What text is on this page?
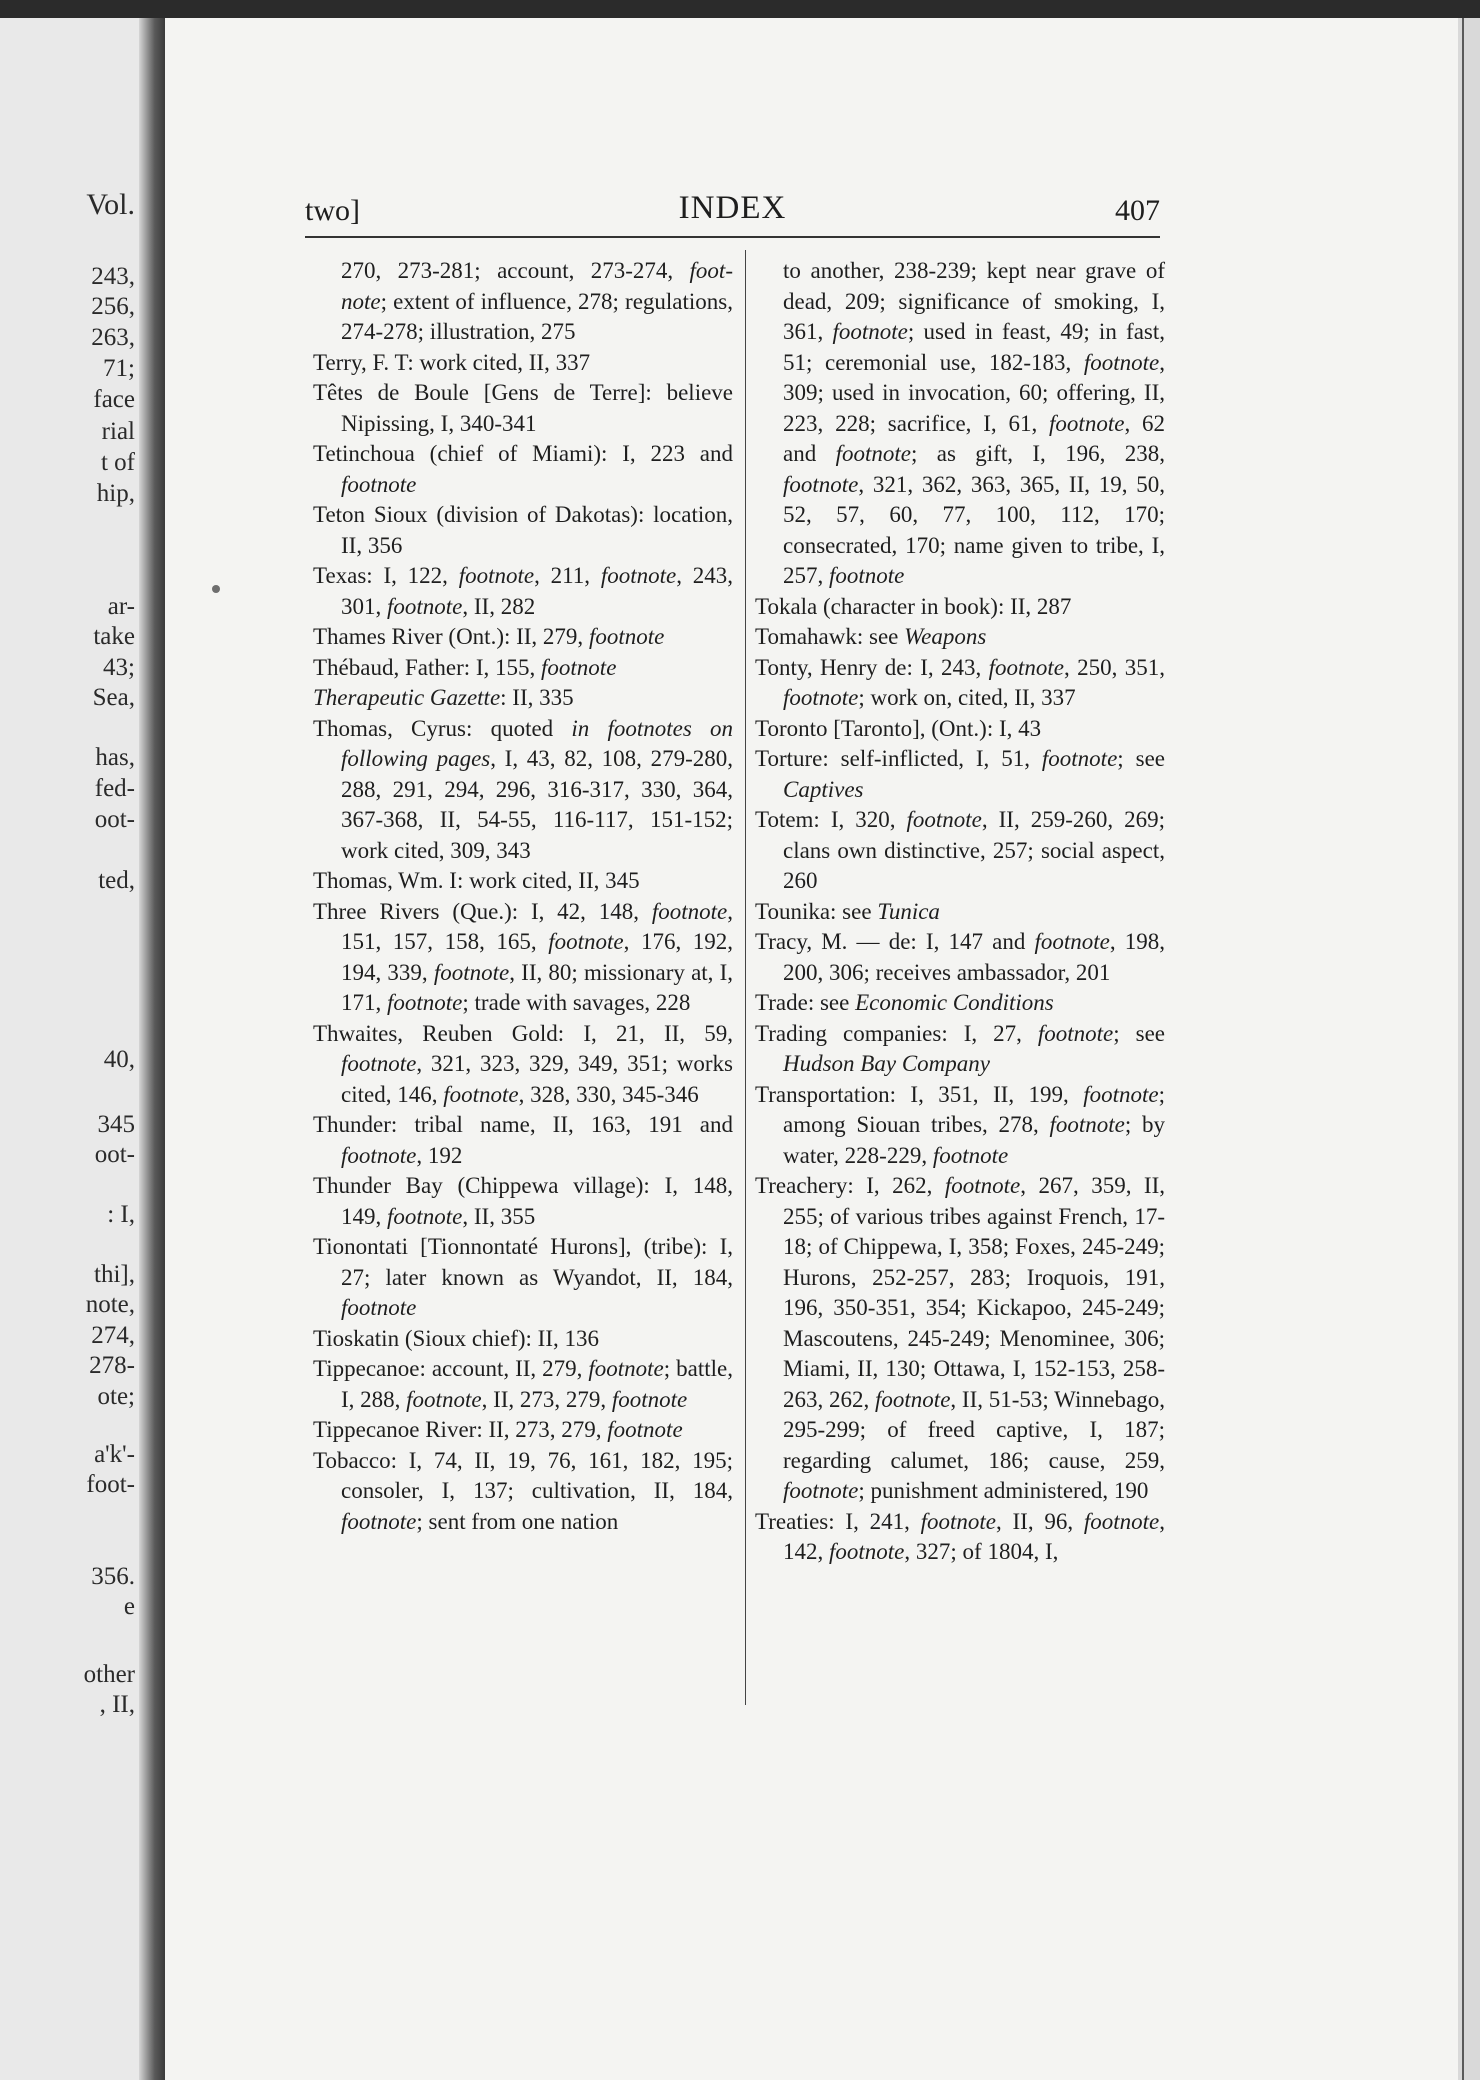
Vol.
243,
256,
263,
71;
face
rial
t of
hip,
ar-
take
43;
Sea,
has,
fed-
oot-
ted,
40,
345
oot-
: I,
thi],
note,
274,
278-
ote;
a'k'-
foot-
356.
e
other
, II,
two]	INDEX	407

270, 273-281; account, 273-274, foot-note; extent of influence, 278; regulations, 274-278; illustration, 275

Terry, F. T: work cited, II, 337

Têtes de Boule [Gens de Terre]: believe Nipissing, I, 340-341

Tetinchoua (chief of Miami): I, 223 and footnote

Teton Sioux (division of Dakotas): location, II, 356

Texas: I, 122, footnote, 211, footnote, 243, 301, footnote, II, 282

Thames River (Ont.): II, 279, footnote

Thébaud, Father: I, 155, footnote

Therapeutic Gazette: II, 335

Thomas, Cyrus: quoted in footnotes on following pages, I, 43, 82, 108, 279-280, 288, 291, 294, 296, 316-317, 330, 364, 367-368, II, 54-55, 116-117, 151-152; work cited, 309, 343

Thomas, Wm. I: work cited, II, 345

Three Rivers (Que.): I, 42, 148, footnote, 151, 157, 158, 165, footnote, 176, 192, 194, 339, footnote, II, 80; missionary at, I, 171, footnote; trade with savages, 228

Thwaites, Reuben Gold: I, 21, II, 59, footnote, 321, 323, 329, 349, 351; works cited, 146, footnote, 328, 330, 345-346

Thunder: tribal name, II, 163, 191 and footnote, 192

Thunder Bay (Chippewa village): I, 148, 149, footnote, II, 355

Tionontati [Tionnontaté Hurons], (tribe): I, 27; later known as Wyandot, II, 184, footnote

Tioskatin (Sioux chief): II, 136

Tippecanoe: account, II, 279, footnote; battle, I, 288, footnote, II, 273, 279, footnote

Tippecanoe River: II, 273, 279, footnote

Tobacco: I, 74, II, 19, 76, 161, 182, 195; consoler, I, 137; cultivation, II, 184, footnote; sent from one nation

to another, 238-239; kept near grave of dead, 209; significance of smoking, I, 361, footnote; used in feast, 49; in fast, 51; ceremonial use, 182-183, footnote, 309; used in invocation, 60; offering, II, 223, 228; sacrifice, I, 61, footnote, 62 and footnote; as gift, I, 196, 238, footnote, 321, 362, 363, 365, II, 19, 50, 52, 57, 60, 77, 100, 112, 170; consecrated, 170; name given to tribe, I, 257, footnote

Tokala (character in book): II, 287

Tomahawk: see Weapons

Tonty, Henry de: I, 243, footnote, 250, 351, footnote; work on, cited, II, 337

Toronto [Taronto], (Ont.): I, 43

Torture: self-inflicted, I, 51, footnote; see Captives

Totem: I, 320, footnote, II, 259-260, 269; clans own distinctive, 257; social aspect, 260

Tounika: see Tunica

Tracy, M. — de: I, 147 and footnote, 198, 200, 306; receives ambassador, 201

Trade: see Economic Conditions

Trading companies: I, 27, footnote; see Hudson Bay Company

Transportation: I, 351, II, 199, footnote; among Siouan tribes, 278, footnote; by water, 228-229, footnote

Treachery: I, 262, footnote, 267, 359, II, 255; of various tribes against French, 17-18; of Chippewa, I, 358; Foxes, 245-249; Hurons, 252-257, 283; Iroquois, 191, 196, 350-351, 354; Kickapoo, 245-249; Mascoutens, 245-249; Menominee, 306; Miami, II, 130; Ottawa, I, 152-153, 258-263, 262, footnote, II, 51-53; Winnebago, 295-299; of freed captive, I, 187; regarding calumet, 186; cause, 259, footnote; punishment administered, 190

Treaties: I, 241, footnote, II, 96, footnote, 142, footnote, 327; of 1804, I,
